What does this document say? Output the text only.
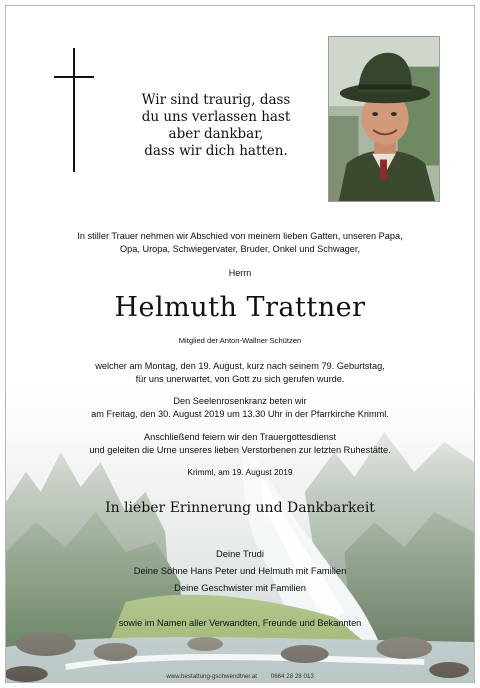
Wir sind traurig, dass
du uns verlassen hast
aber dankbar,
dass wir dich hatten.
In stiller Trauer nehmen wir Abschied von meinem lieben Gatten, unseren Papa,
Opa, Uropa, Schwiegervater, Bruder, Onkel und Schwager,
Herrn
Helmuth Trattner
Mitglied der Anton-Wallner Schützen
welcher am Montag, den 19. August, kurz nach seinem 79. Geburtstag,
für uns unerwartet, von Gott zu sich gerufen wurde.
Den Seelenrosenkranz beten wir
am Freitag, den 30. August 2019 um 13.30 Uhr in der Pfarrkirche Krimml.
Anschließend feiern wir den Trauergottesdienst
und geleiten die Urne unseres lieben Verstorbenen zur letzten Ruhestätte.
Krimml, am 19. August 2019
In lieber Erinnerung und Dankbarkeit
Deine Trudi
Deine Söhne Hans Peter und Helmuth mit Familien
Deine Geschwister mit Familien
sowie im Namen aller Verwandten, Freunde und Bekannten
www.bestattung-gschwendtner.at 0664 28 28 013
